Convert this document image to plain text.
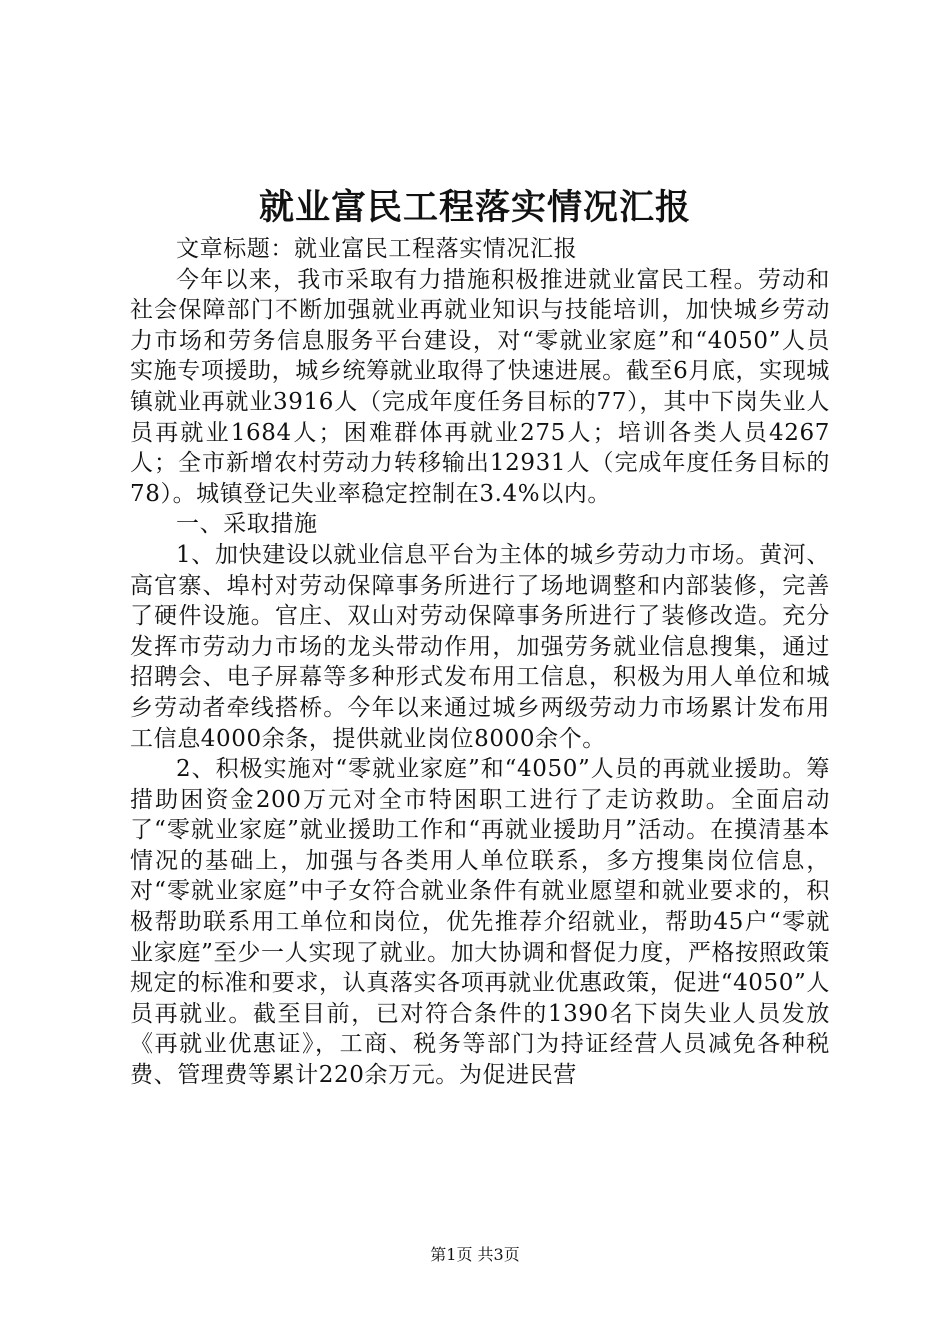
就业富民工程落实情况汇报

文章标题：就业富民工程落实情况汇报

今年以来，我市采取有力措施积极推进就业富民工程。劳动和社会保障部门不断加强就业再就业知识与技能培训，加快城乡劳动力市场和劳务信息服务平台建设，对“零就业家庭”和“4050”人员实施专项援助，城乡统筹就业取得了快速进展。截至6月底，实现城镇就业再就业3916人（完成年度任务目标的77），其中下岗失业人员再就业1684人；困难群体再就业275人；培训各类人员4267人；全市新增农村劳动力转移输出12931人（完成年度任务目标的78）。城镇登记失业率稳定控制在3.4%以内。

一、采取措施

1、加快建设以就业信息平台为主体的城乡劳动力市场。黄河、高官寨、埠村对劳动保障事务所进行了场地调整和内部装修，完善了硬件设施。官庄、双山对劳动保障事务所进行了装修改造。充分发挥市劳动力市场的龙头带动作用，加强劳务就业信息搜集，通过招聘会、电子屏幕等多种形式发布用工信息，积极为用人单位和城乡劳动者牵线搭桥。今年以来通过城乡两级劳动力市场累计发布用工信息4000余条，提供就业岗位8000余个。

2、积极实施对“零就业家庭”和“4050”人员的再就业援助。筹措助困资金200万元对全市特困职工进行了走访救助。全面启动了“零就业家庭”就业援助工作和“再就业援助月”活动。在摸清基本情况的基础上，加强与各类用人单位联系，多方搜集岗位信息，对“零就业家庭”中子女符合就业条件有就业愿望和就业要求的，积极帮助联系用工单位和岗位，优先推荐介绍就业，帮助45户“零就业家庭”至少一人实现了就业。加大协调和督促力度，严格按照政策规定的标准和要求，认真落实各项再就业优惠政策，促进“4050”人员再就业。截至目前，已对符合条件的1390名下岗失业人员发放《再就业优惠证》，工商、税务等部门为持证经营人员减免各种税费、管理费等累计220余万元。为促进民营

第1页 共3页
